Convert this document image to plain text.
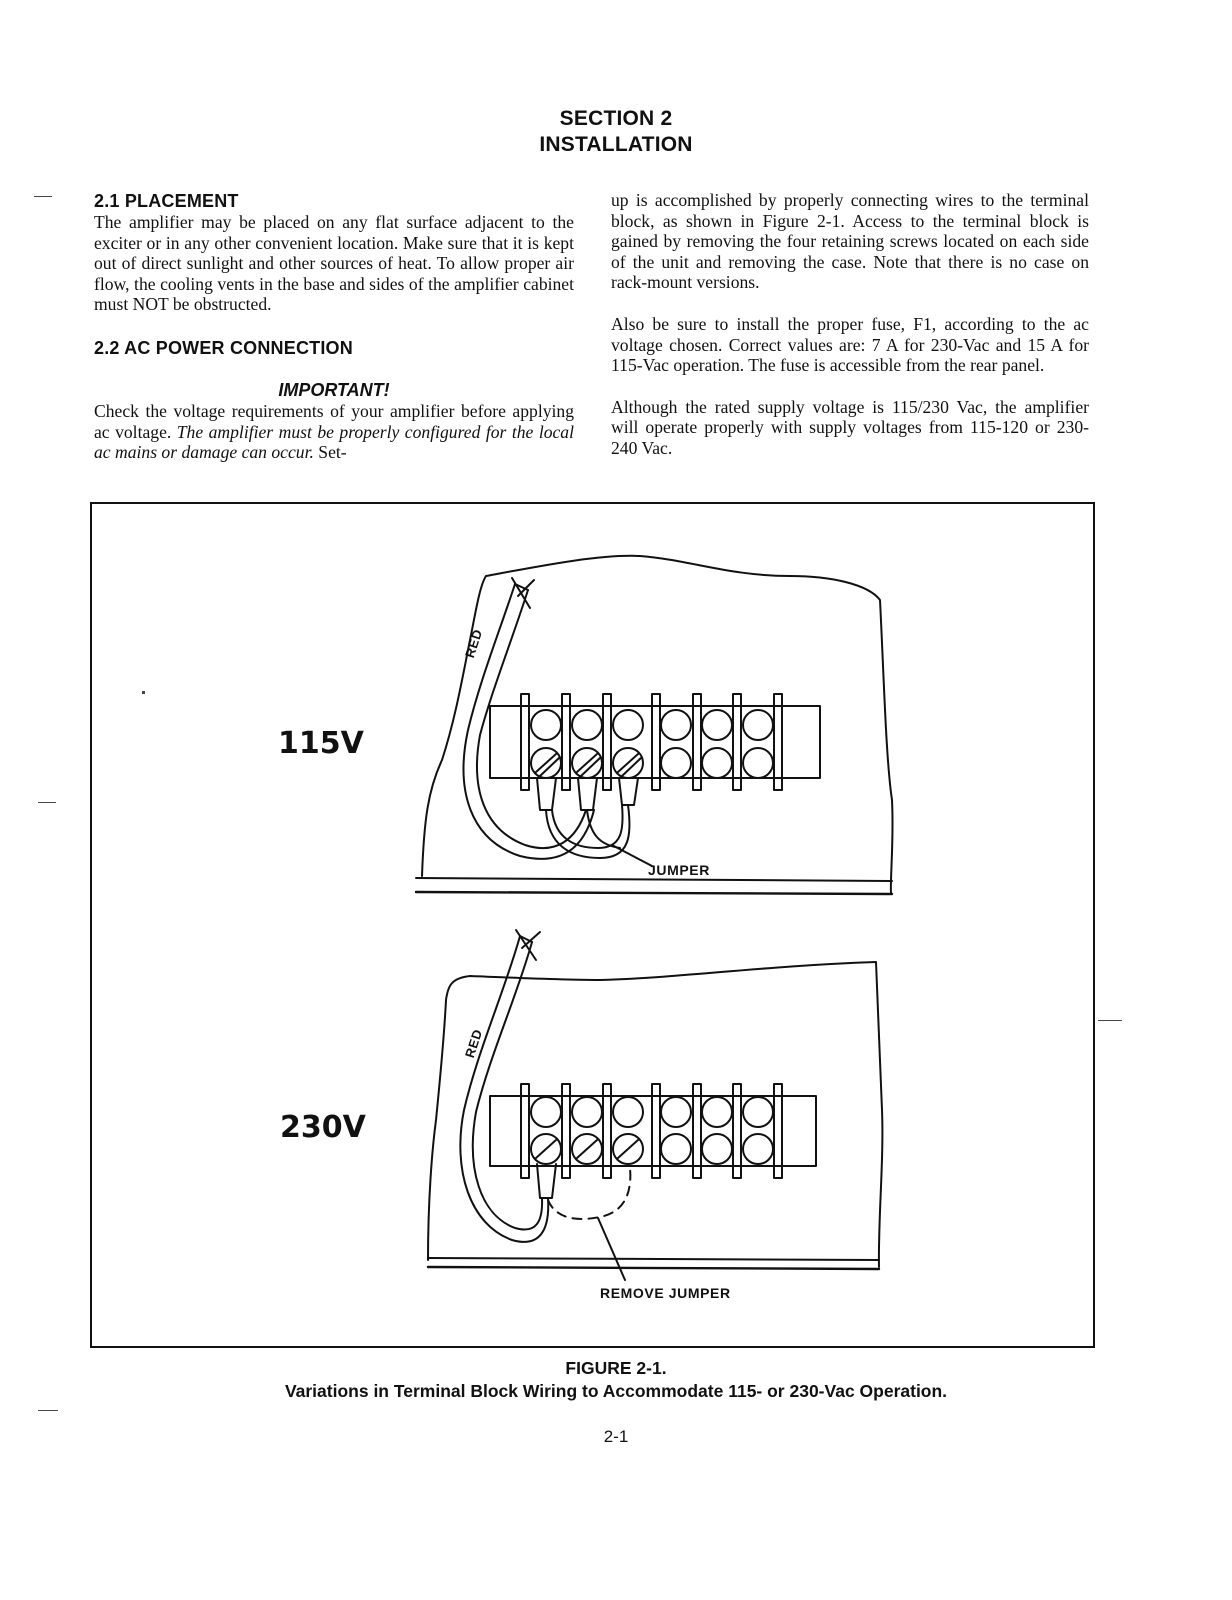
SECTION 2
INSTALLATION
2.1 PLACEMENT

The amplifier may be placed on any flat surface adjacent to the exciter or in any other convenient location. Make sure that it is kept out of direct sunlight and other sources of heat. To allow proper air flow, the cooling vents in the base and sides of the amplifier cabinet must NOT be obstructed.

2.2 AC POWER CONNECTION
IMPORTANT!

Check the voltage requirements of your amplifier before applying ac voltage. The amplifier must be properly configured for the local ac mains or damage can occur. Set-

up is accomplished by properly connecting wires to the terminal block, as shown in Figure 2-1. Access to the terminal block is gained by removing the four retaining screws located on each side of the unit and removing the case. Note that there is no case on rack-mount versions.

Also be sure to install the proper fuse, F1, according to the ac voltage chosen. Correct values are: 7 A for 230-Vac and 15 A for 115-Vac operation. The fuse is accessible from the rear panel.

Although the rated supply voltage is 115/230 Vac, the amplifier will operate properly with supply voltages from 115-120 or 230-240 Vac.

115V
230V
RED
RED
JUMPER
REMOVE JUMPER
FIGURE 2-1.
Variations in Terminal Block Wiring to Accommodate 115- or 230-Vac Operation.
2-1
